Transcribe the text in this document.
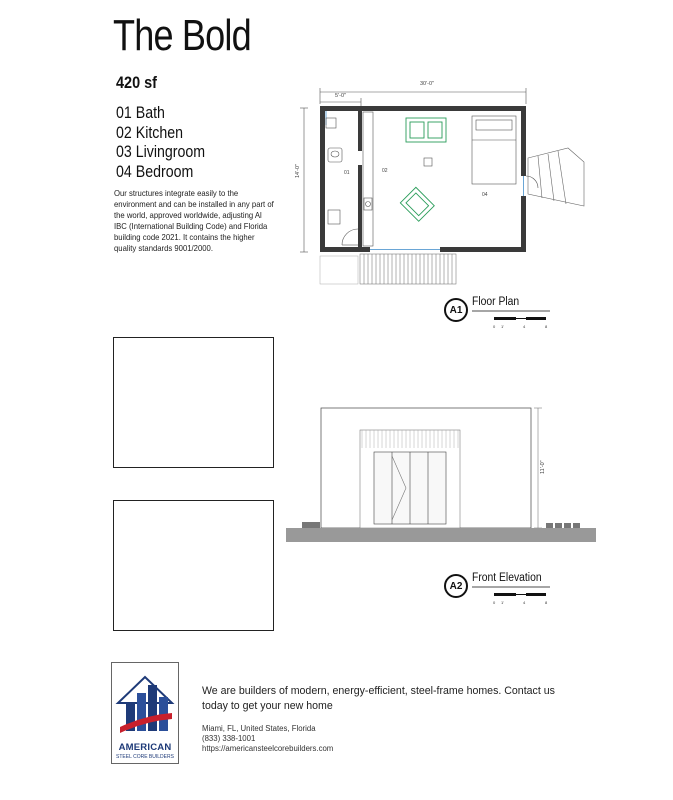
The Bold
420 sf
01 Bath
02 Kitchen
03 Livingroom
04 Bedroom
Our structures integrate easily to the environment and can be installed in any part of the world, approved worldwide, adjusting Al IBC (International Building Code) and Florida building code 2021. It contains the higher quality standards 9001/2000.
30'-0"
5'-0"
14'-0"	01	02
04
A1
Floor Plan
0 1'	4	8
11'-0"
A2
Front Elevation
0 1'	4	8
AMERICAN
STEEL CORE BUILDERS
We are builders of modern, energy-efficient, steel-frame homes. Contact us today to get your new home
Miami, FL, United States, Florida
(833) 338-1001
https://americansteelcorebuilders.com
